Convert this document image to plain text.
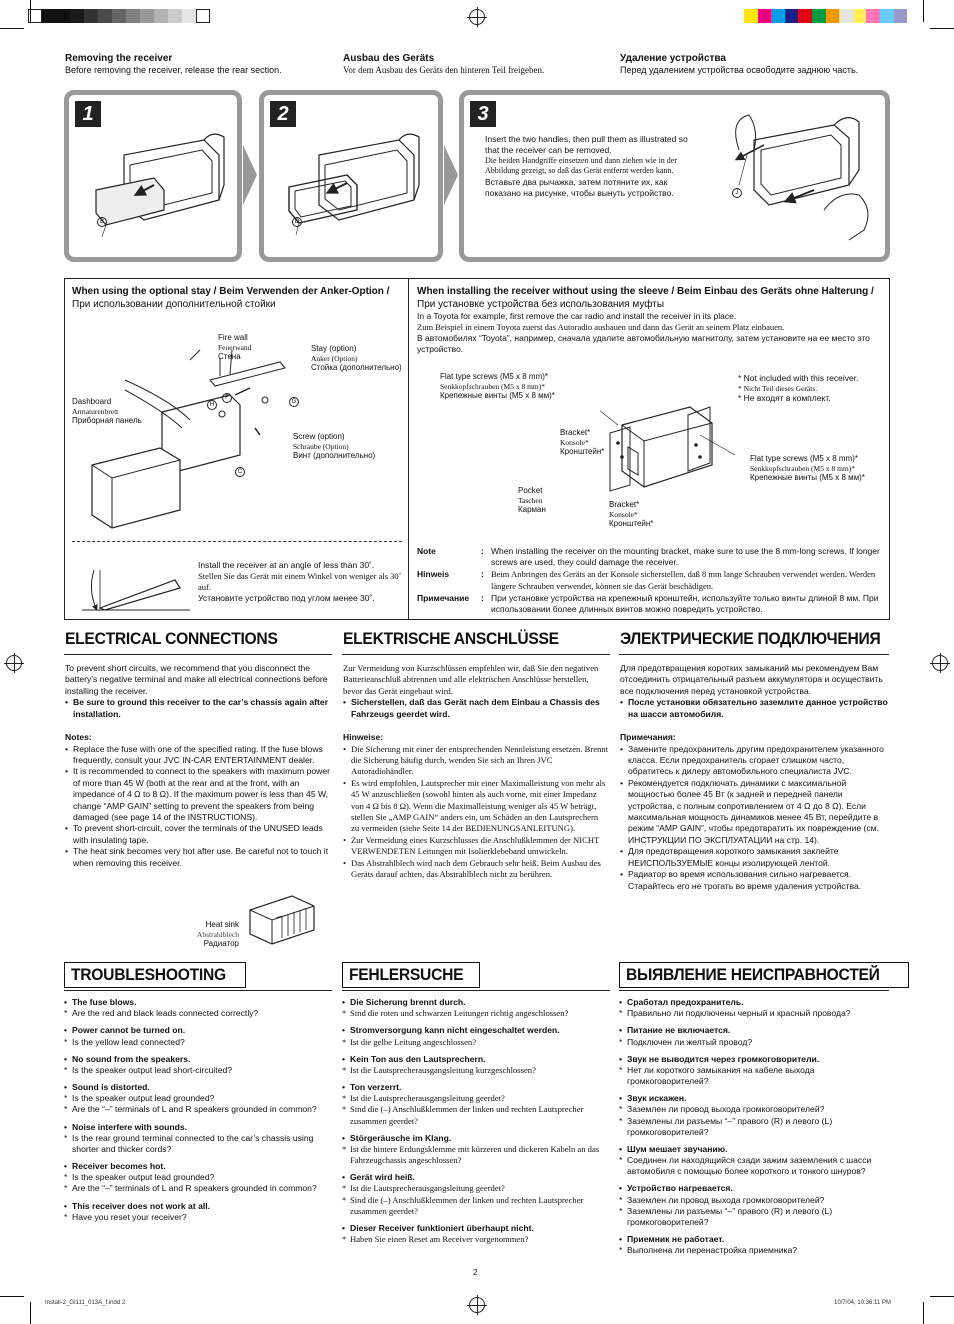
Removing the receiver
Before removing the receiver, release the rear section.
Ausbau des Geräts
Vor dem Ausbau des Geräts den hinteren Teil freigeben.
Удаление устройства
Перед удалением устройства освободите заднюю часть.
1
B
2
D
3
Insert the two handles, then pull them as illustrated so that the receiver can be removed.
Die beiden Handgriffe einsetzen und dann ziehen wie in der Abbildung gezeigt, so daß das Gerät entfernt werden kann.
Вставьте два рычажка, затем потяните их, как показано на рисунке, чтобы вынуть устройство.	J
When using the optional stay / Beim Verwenden der Anker-Option / При использовании дополнительной стойки
Fire wall
Feuerwand
Стена
Stay (option)
Anker (Option)
Стойка (дополнительно)
Dashboard
Armaturenbrett
Приборная панель
Screw (option)
Schraube (Option)
Винт (дополнительно)
H
F
G
C
Install the receiver at an angle of less than 30˚.
Stellen Sie das Gerät mit einem Winkel von weniger als 30˚ auf.
Установите устройство под углом менее 30˚.
When installing the receiver without using the sleeve / Beim Einbau des Geräts ohne Halterung / При установке устройства без использования муфты
In a Toyota for example, first remove the car radio and install the receiver in its place.
Zum Beispiel in einem Toyota zuerst das Autoradio ausbauen und dann das Gerät an seinem Platz einbauen.
В автомобилях “Toyota”, например, сначала удалите автомобильную магнитолу, затем установите на ее место это устройство.
Flat type screws (M5 x 8 mm)*
Senkkopfschrauben (M5 x 8 mm)*
Крепежные винты (M5 x 8 мм)*
* Not included with this receiver.
* Nicht Teil dieses Geräts.
* Не входят в комплект.
Bracket*
Konsole*
Кронштейн*
Flat type screws (M5 x 8 mm)*
Senkkopfschrauben (M5 x 8 mm)*
Крепежные винты (M5 x 8 мм)*
Pocket
Taschen
Карман
Bracket*
Konsole*
Кронштейн*
Note	: When installing the receiver on the mounting bracket, make sure to use the 8 mm-long screws. If longer screws are used, they could damage the receiver.
Hinweis	: Beim Anbringen des Geräts an der Konsole sicherstellen, daß 8 mm lange Schrauben verwendet werden. Werden längere Schrauben verwendet, können sie das Gerät beschädigen.
Примечание	: При установке устройства на крепежный кронштейн, используйте только винты длиной 8 мм. При использовании более длинных винтов можно повредить устройство.
ELECTRICAL CONNECTIONS	ELEKTRISCHE ANSCHLÜSSE	ЭЛЕКТРИЧЕСКИЕ ПОДКЛЮЧЕНИЯ
To prevent short circuits, we recommend that you disconnect the battery’s negative terminal and make all electrical connections before installing the receiver.
• Be sure to ground this receiver to the car’s chassis again after installation.
Notes:
• Replace the fuse with one of the specified rating. If the fuse blows frequently, consult your JVC IN-CAR ENTERTAINMENT dealer.
• It is recommended to connect to the speakers with maximum power of more than 45 W (both at the rear and at the front, with an impedance of 4 Ω to 8 Ω). If the maximum power is less than 45 W, change “AMP GAIN” setting to prevent the speakers from being damaged (see page 14 of the INSTRUCTIONS).
• To prevent short-circuit, cover the terminals of the UNUSED leads with insulating tape.
• The heat sink becomes very hot after use. Be careful not to touch it when removing this receiver.
Heat sink
Abstrahlblech
Радиатор
Zur Vermeidung von Kurzschlüssen empfehlen wir, daß Sie den negativen Batterieanschluß abtrennen und alle elektrischen Anschlüsse herstellen, bevor das Gerät eingebaut wird.
• Sicherstellen, daß das Gerät nach dem Einbau a Chassis des Fahrzeugs geerdet wird.
Hinweise:
• Die Sicherung mit einer der entsprechenden Nennleistung ersetzen. Brennt die Sicherung häufig durch, wenden Sie sich an Ihren JVC Autoradiohändler.
• Es wird empfohlen, Lautsprecher mit einer Maximalleistung von mehr als 45 W anzuschließen (sowohl hinten als auch vorne, mit einer Impedanz von 4 Ω bis 8 Ω). Wenn die Maximalleistung weniger als 45 W beträgt, stellen Sie „AMP GAIN“ anders ein, um Schäden an den Lautsprechern zu vermeiden (siehe Seite 14 der BEDIENUNGSANLEITUNG).
• Zur Vermeidung eines Kurzschlusses die Anschlußklemmen der NICHT VERWENDETEN Leitungen mit Isolierklebeband umwickeln.
• Das Abstrahlblech wird nach dem Gebrauch sehr heiß. Beim Ausbau des Geräts darauf achten, das Abstrahlblech nicht zu berühren.
Для предотвращения коротких замыканий мы рекомендуем Вам отсоединить отрицательный разъем аккумулятора и осуществить все подключения перед установкой устройства.
• После установки обязательно заземлите данное устройство на шасси автомобиля.
Примечания:
• Замените предохранитель другим предохранителем указанного класса. Если предохранитель сгорает слишком часто, обратитесь к дилеру автомобильного специалиста JVC.
• Рекомендуется подключать динамики с максимальной мощностью более 45 Вт (к задней и передней панели устройства, с полным сопротивлением от 4 Ω до 8 Ω). Если максимальная мощность динамиков менее 45 Вт, перейдите в режим “AMP GAIN”, чтобы предотвратить их повреждение (см. ИНСТРУКЦИИ ПО ЭКСПЛУАТАЦИИ на стр. 14).
• Для предотвращения короткого замыкания заклейте НЕИСПОЛЬЗУЕМЫЕ концы изолирующей лентой.
• Радиатор во время использования сильно нагревается. Старайтесь его не трогать во время удаления устройства.
TROUBLESHOOTING	FEHLERSUCHE	ВЫЯВЛЕНИЕ НЕИСПРАВНОСТЕЙ
• The fuse blows.
* Are the red and black leads connected correctly?
• Power cannot be turned on.
* Is the yellow lead connected?
• No sound from the speakers.
* Is the speaker output lead short-circuited?
• Sound is distorted.
* Is the speaker output lead grounded?
* Are the “–” terminals of L and R speakers grounded in common?
• Noise interfere with sounds.
* Is the rear ground terminal connected to the car’s chassis using shorter and thicker cords?
• Receiver becomes hot.
* Is the speaker output lead grounded?
* Are the “–” terminals of L and R speakers grounded in common?
• This receiver does not work at all.
* Have you reset your receiver?
• Die Sicherung brennt durch.
* Sind die roten und schwarzen Leitungen richtig angeschlossen?
• Stromversorgung kann nicht eingeschaltet werden.
* Ist die gelbe Leitung angeschlossen?
• Kein Ton aus den Lautsprechern.
* Ist die Lautsprecherausgangsleitung kurzgeschlossen?
• Ton verzerrt.
* Ist die Lautsprecherausgangsleitung geerdet?
* Sind die (–) Anschlußklemmen der linken und rechten Lautsprecher zusammen geerdet?
• Störgeräusche im Klang.
* Ist die hintere Erdungsklemme mit kürzeren und dickeren Kabeln an das Fahrzeugchassis angeschlossen?
• Gerät wird heiß.
* Ist die Lautsprecherausgangsleitung geerdet?
* Sind die (–) Anschlußklemmen der linken und rechten Lautsprecher zusammen geerdet?
• Dieser Receiver funktioniert überhaupt nicht.
* Haben Sie einen Reset am Receiver vorgenommen?
• Сработал предохранитель.
* Правильно ли подключены черный и красный провода?
• Питание не включается.
* Подключен ли желтый провод?
• Звук не выводится через громкоговорители.
* Нет ли короткого замыкания на кабеле выхода громкоговорителей?
• Звук искажен.
* Заземлен ли провод выхода громкоговорителей?
* Заземлены ли разъемы “–” правого (R) и левого (L) громкоговорителей?
• Шум мешает звучанию.
* Соединен ли находящийся сзади зажим заземления с шасси автомобиля с помощью более короткого и тонкого шнуров?
• Устройство нагревается.
* Заземлен ли провод выхода громкоговорителей?
* Заземлены ли разъемы “–” правого (R) и левого (L) громкоговорителей?
• Приемник не работает.
* Выполнена ли перенастройка приемника?
2
Install-2_GI111_013A_f.indd 2	10/7/04, 10:36:11 PM
